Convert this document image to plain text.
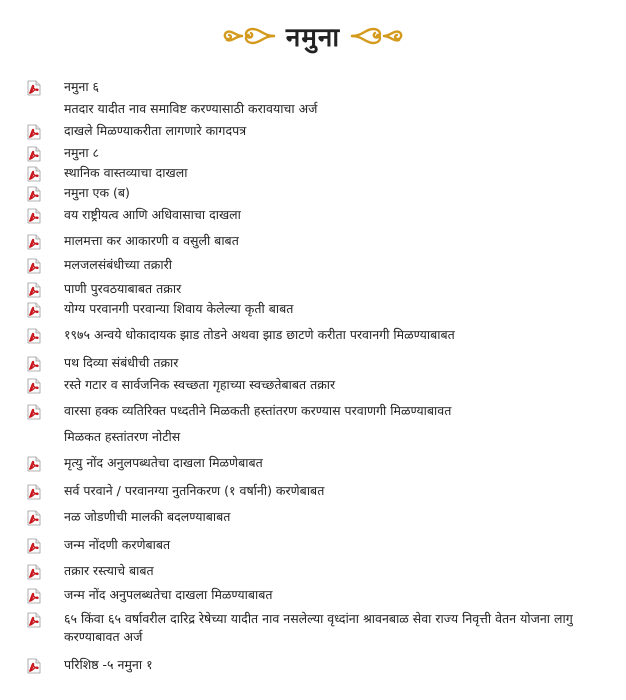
नमुना
नमुना ६
मतदार यादीत नाव समाविष्ट करण्यासाठी करावयाचा अर्ज
दाखले मिळण्याकरीता लागणारे कागदपत्र
नमुना ८
स्थानिक वास्तव्याचा दाखला
नमुना एक (ब)
वय राष्ट्रीयत्व आणि अधिवासाचा दाखला
मालमत्ता कर आकारणी व वसुली बाबत
मलजलसंबंधीच्या तक्रारी
पाणी पुरवठयाबाबत तक्रार
योग्य परवानगी परवान्या शिवाय केलेल्या कृती बाबत
१९७५ अन्वये धोकादायक झाड तोडने अथवा झाड छाटणे करीता परवानगी मिळण्याबाबत
पथ दिव्या संबंधीची तक्रार
रस्ते गटार व सार्वजनिक स्वच्छता गृहाच्या स्वच्छतेबाबत तक्रार
वारसा हक्क व्यतिरिक्त पध्दतीने मिळकती हस्तांतरण करण्यास परवाणगी मिळण्याबावत
मिळकत हस्तांतरण नोटीस
मृत्यु नोंद अनुलपब्धतेचा दाखला मिळणेबाबत
सर्व परवाने / परवानग्या नुतनिकरण (१ वर्षानी) करणेबाबत
नळ जोडणीची मालकी बदलण्याबाबत
जन्म नोंदणी करणेबाबत
तक्रार रस्त्याचे बाबत
जन्म नोंद अनुपलब्धतेचा दाखला मिळण्याबाबत
६५ किंवा ६५ वर्षावरील दारिद्र रेषेच्या यादीत नाव नसलेल्या वृध्दांना श्रावनबाळ सेवा राज्य निवृत्ती वेतन योजना लागु करण्याबावत अर्ज
परिशिष्ठ -५ नमुना १
